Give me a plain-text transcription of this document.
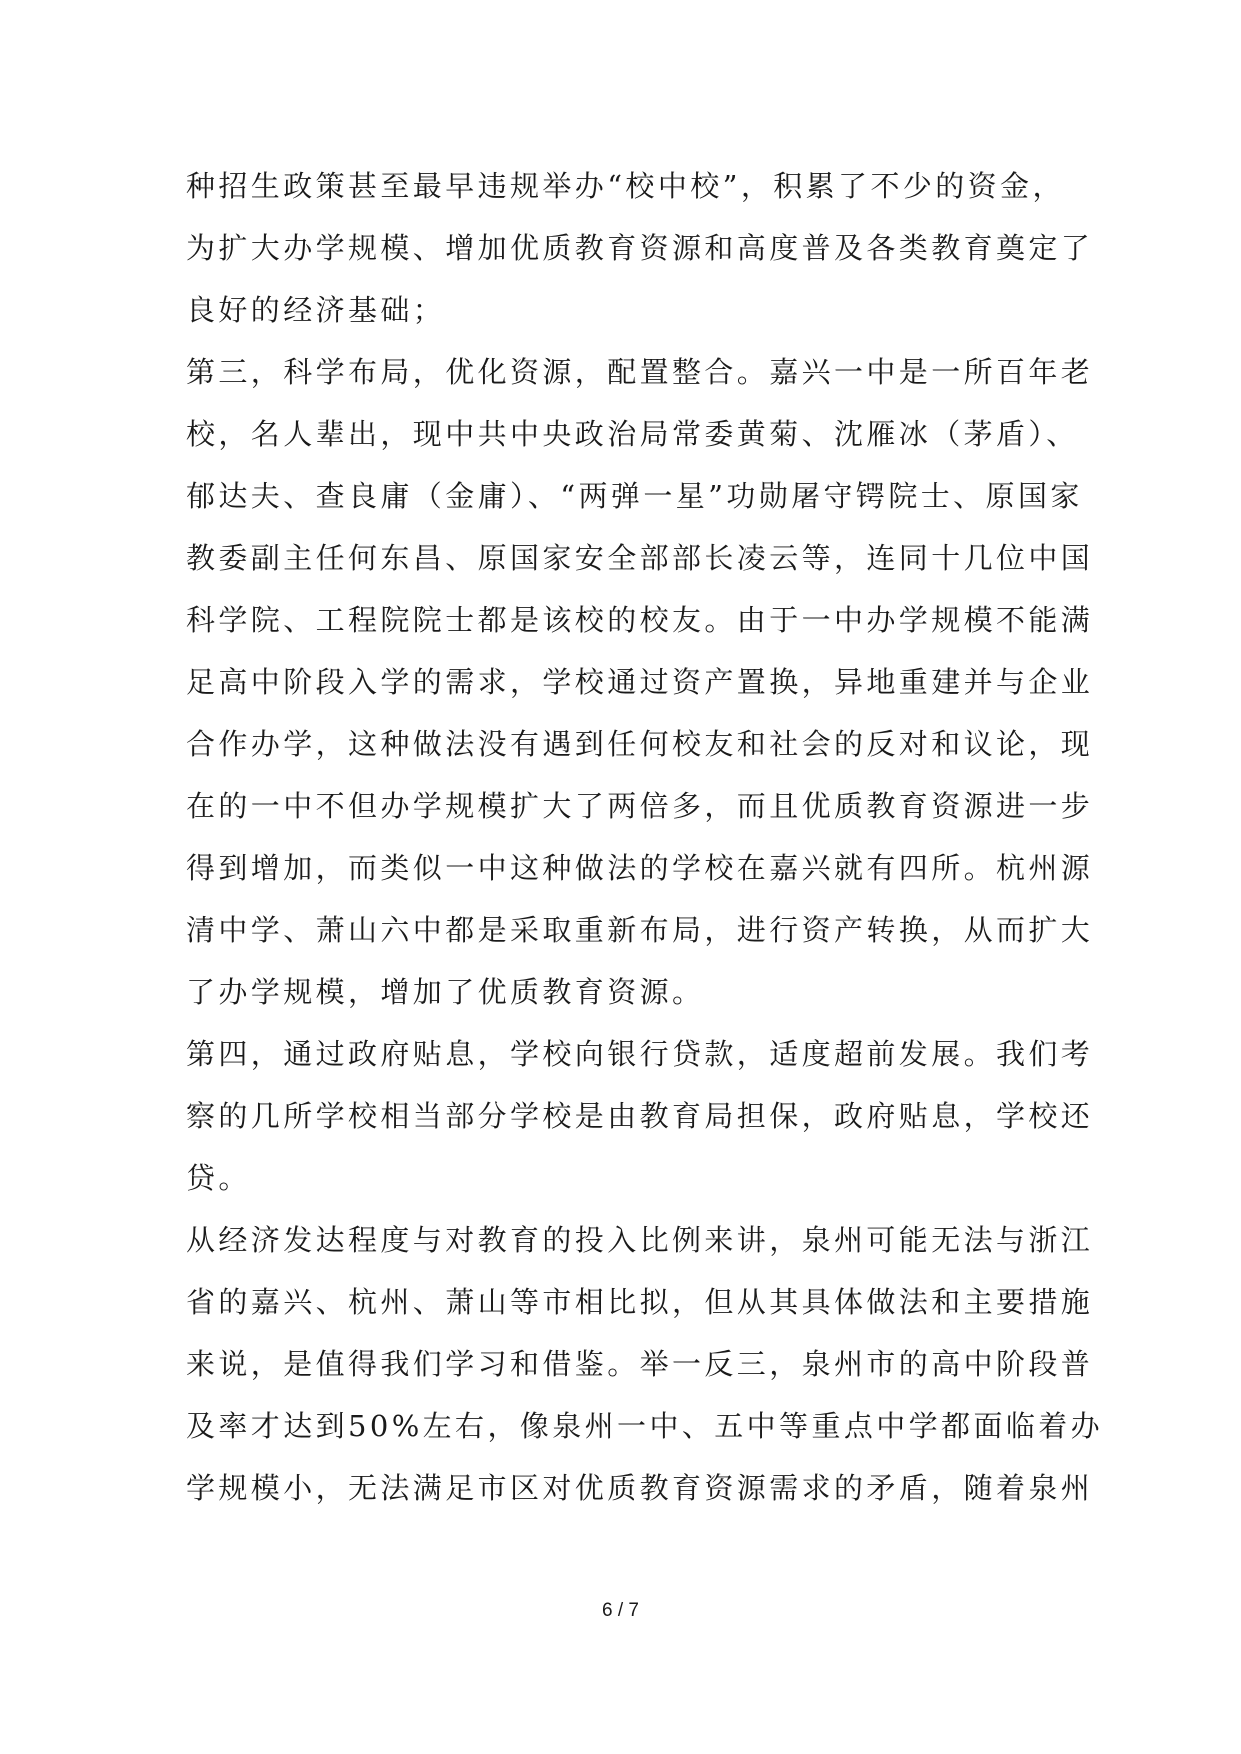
种招生政策甚至最早违规举办“校中校”，积累了不少的资金，
为扩大办学规模、增加优质教育资源和高度普及各类教育奠定了
良好的经济基础；
第三，科学布局，优化资源，配置整合。嘉兴一中是一所百年老
校，名人辈出，现中共中央政治局常委黄菊、沈雁冰（茅盾）、
郁达夫、查良庸（金庸）、“两弹一星”功勋屠守锷院士、原国家
教委副主任何东昌、原国家安全部部长凌云等，连同十几位中国
科学院、工程院院士都是该校的校友。由于一中办学规模不能满
足高中阶段入学的需求，学校通过资产置换，异地重建并与企业
合作办学，这种做法没有遇到任何校友和社会的反对和议论，现
在的一中不但办学规模扩大了两倍多，而且优质教育资源进一步
得到增加，而类似一中这种做法的学校在嘉兴就有四所。杭州源
清中学、萧山六中都是采取重新布局，进行资产转换，从而扩大
了办学规模，增加了优质教育资源。
第四，通过政府贴息，学校向银行贷款，适度超前发展。我们考
察的几所学校相当部分学校是由教育局担保，政府贴息，学校还
贷。
从经济发达程度与对教育的投入比例来讲，泉州可能无法与浙江
省的嘉兴、杭州、萧山等市相比拟，但从其具体做法和主要措施
来说，是值得我们学习和借鉴。举一反三，泉州市的高中阶段普
及率才达到50%左右，像泉州一中、五中等重点中学都面临着办
学规模小，无法满足市区对优质教育资源需求的矛盾，随着泉州
6 / 7
